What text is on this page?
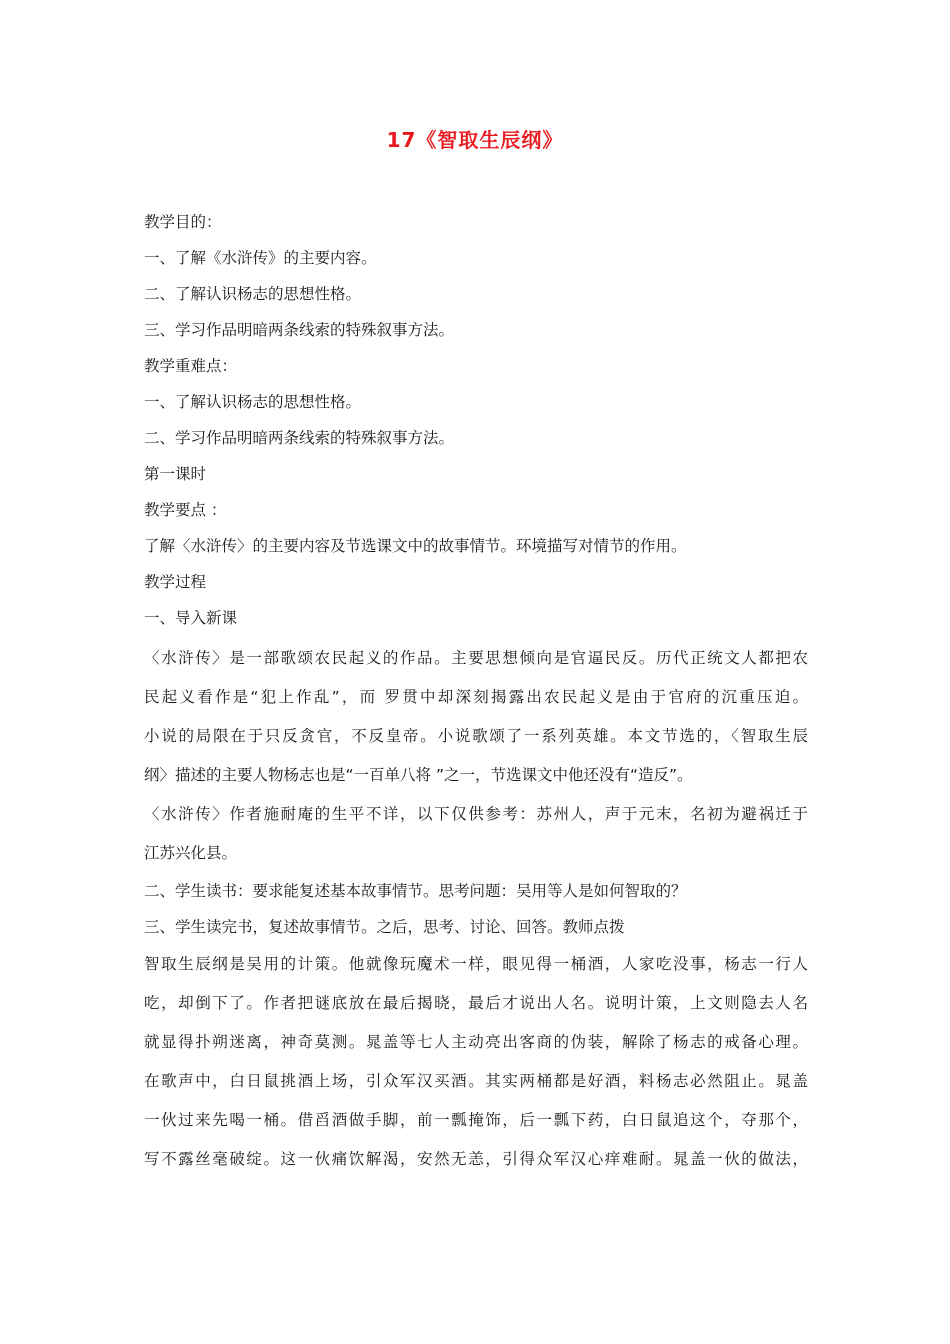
17《智取生辰纲》
教学目的：
一、了解《水浒传》的主要内容。
二、了解认识杨志的思想性格。
三、学习作品明暗两条线索的特殊叙事方法。
教学重难点：
一、了解认识杨志的思想性格。
二、学习作品明暗两条线索的特殊叙事方法。
第一课时
教学要点 ：
了解〈水浒传〉的主要内容及节选课文中的故事情节。环境描写对情节的作用。
教学过程
一、导入新课
〈水浒传〉是一部歌颂农民起义的作品。主要思想倾向是官逼民反。历代正统文人都把农
民起义看作是“犯上作乱”，而 罗贯中却深刻揭露出农民起义是由于官府的沉重压迫。
小说的局限在于只反贪官，不反皇帝。小说歌颂了一系列英雄。本文节选的，〈智取生辰
纲〉描述的主要人物杨志也是“一百单八将 ”之一，节选课文中他还没有“造反”。
〈水浒传〉作者施耐庵的生平不详，以下仅供参考：苏州人，声于元末，名初为避祸迁于
江苏兴化县。
二、学生读书：要求能复述基本故事情节。思考问题：吴用等人是如何智取的？
三、学生读完书，复述故事情节。之后，思考、讨论、回答。教师点拨
智取生辰纲是吴用的计策。他就像玩魔术一样，眼见得一桶酒，人家吃没事，杨志一行人
吃，却倒下了。作者把谜底放在最后揭晓，最后才说出人名。说明计策，上文则隐去人名
就显得扑朔迷离，神奇莫测。晁盖等七人主动亮出客商的伪装，解除了杨志的戒备心理。
在歌声中，白日鼠挑酒上场，引众军汉买酒。其实两桶都是好酒，料杨志必然阻止。晁盖
一伙过来先喝一桶。借舀酒做手脚，前一瓢掩饰，后一瓢下药，白日鼠追这个，夺那个，
写不露丝毫破绽。这一伙痛饮解渴，安然无恙，引得众军汉心痒难耐。晁盖一伙的做法，
